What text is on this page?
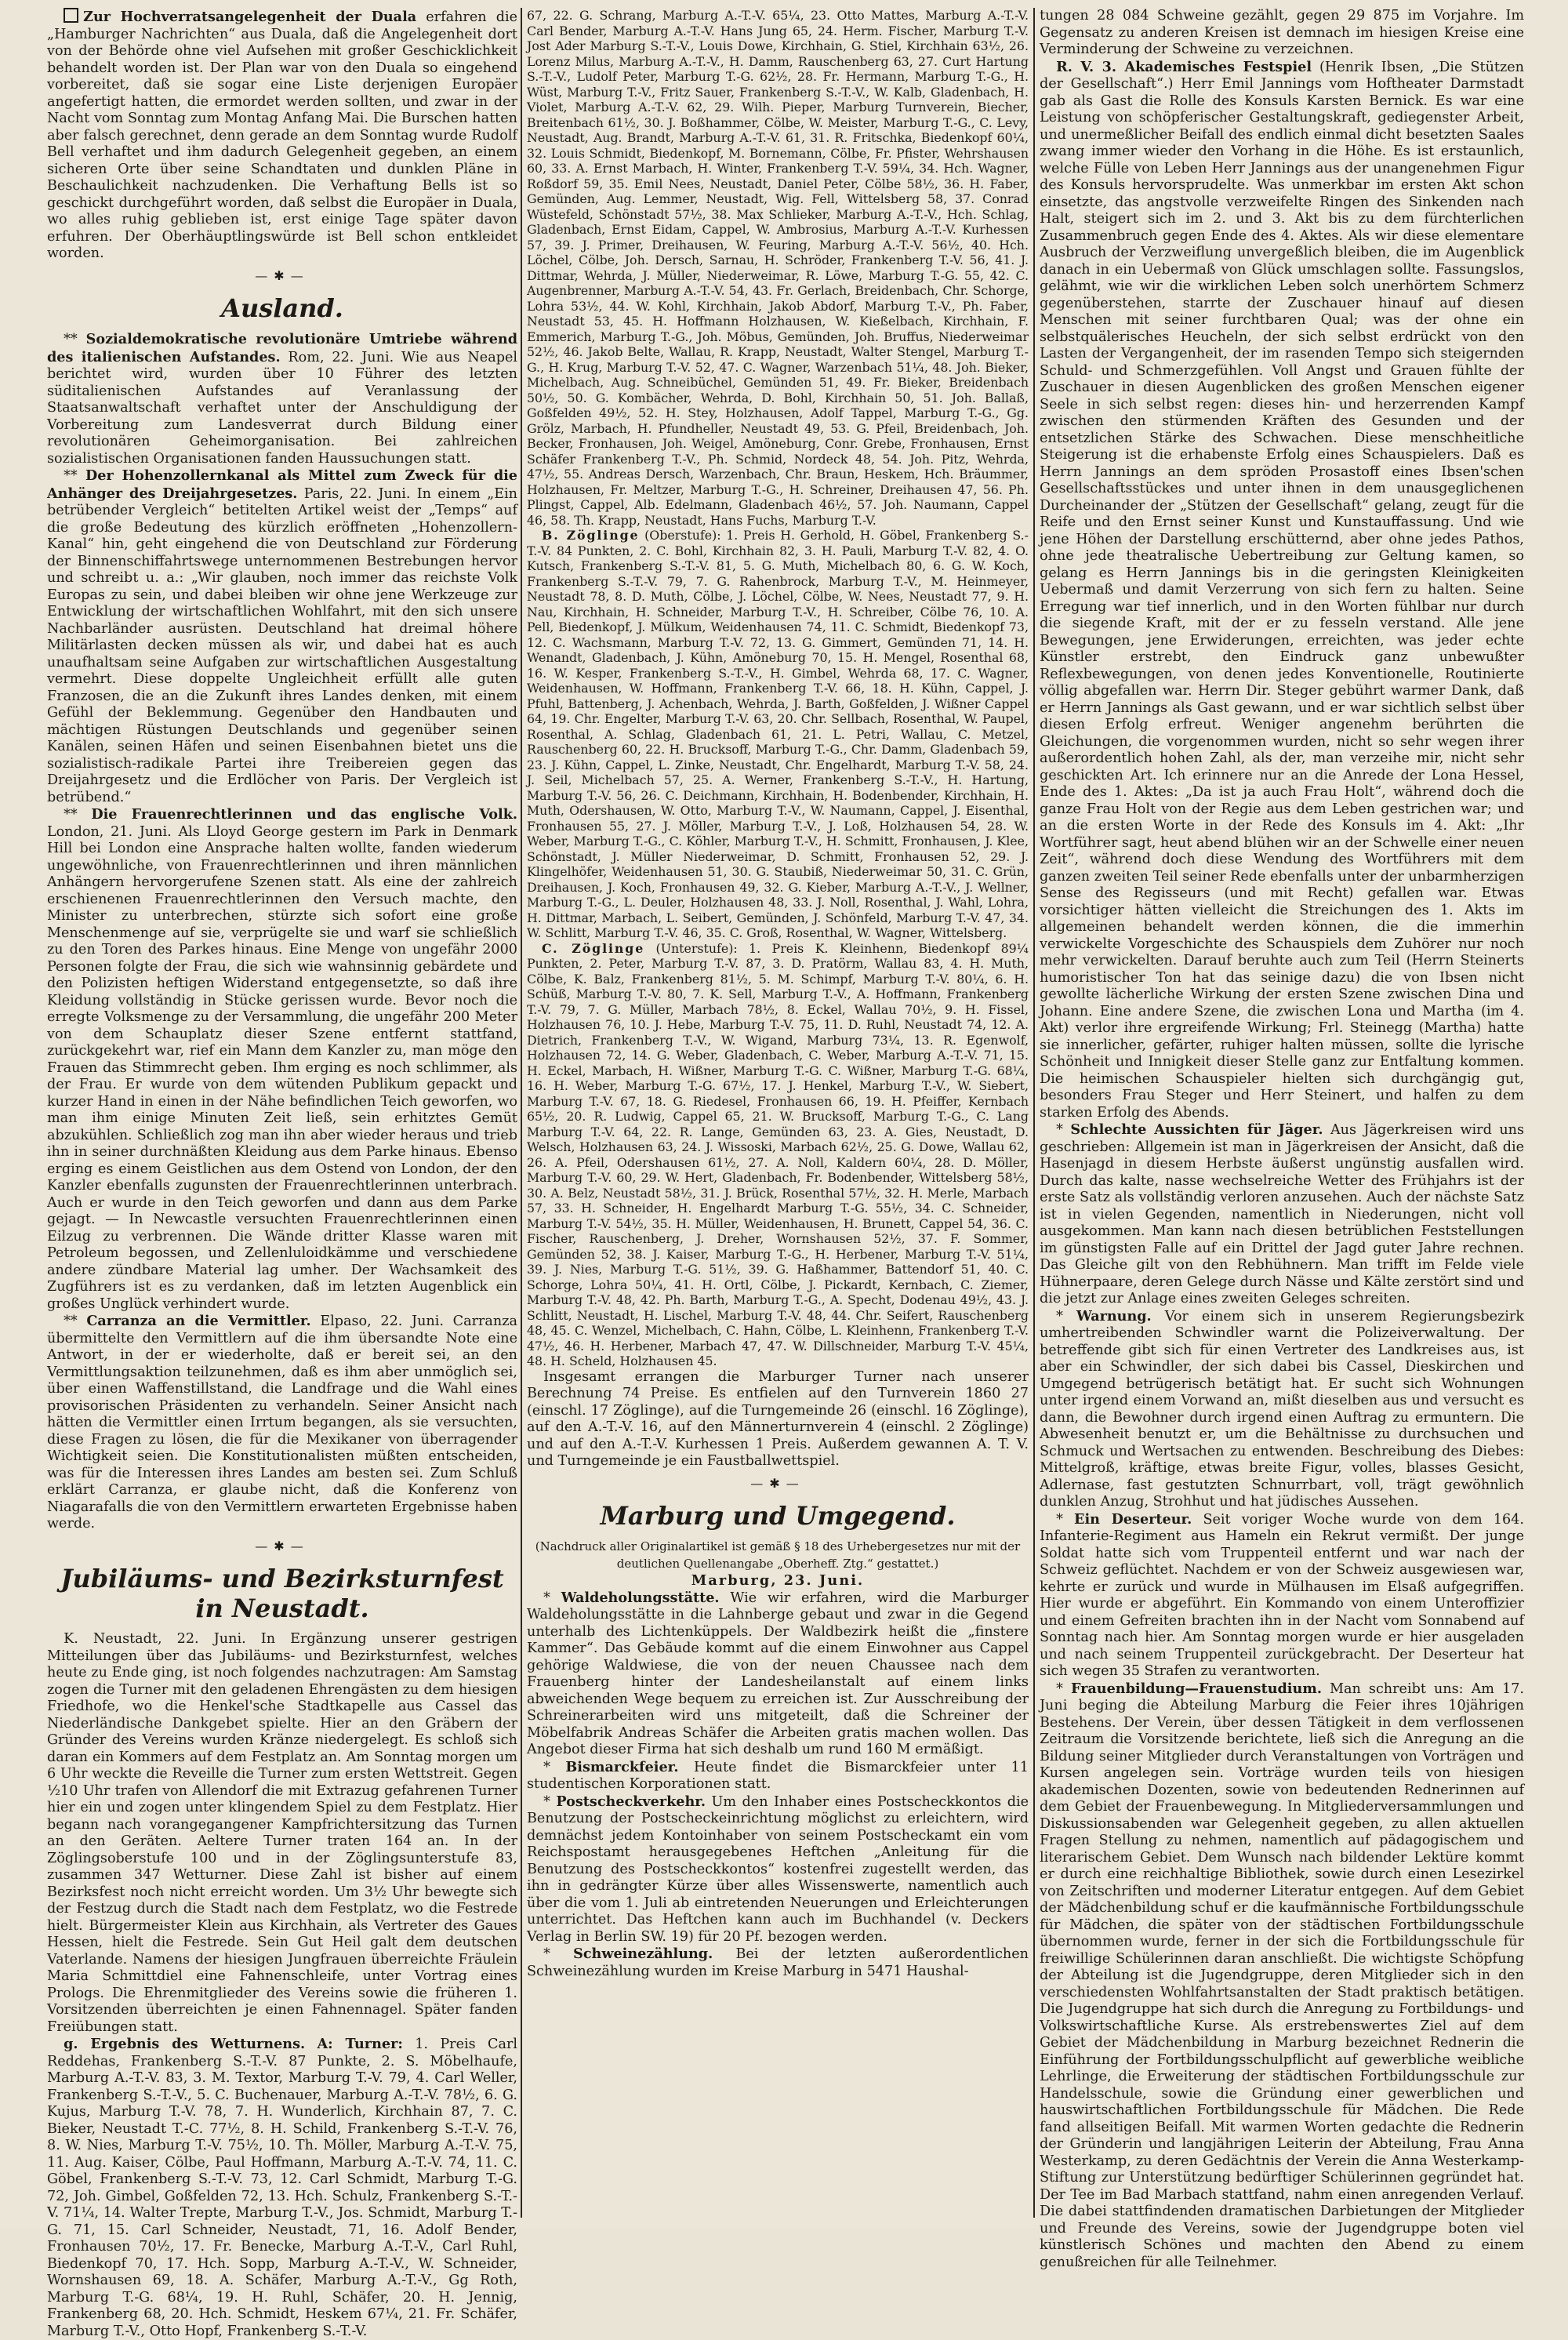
Zur Hochverratsangelegenheit der Duala erfahren die „Hamburger Nachrichten“ aus Duala, daß die Angelegenheit dort von der Behörde ohne viel Aufsehen mit großer Geschicklichkeit behandelt worden ist. Der Plan war von den Duala so eingehend vorbereitet, daß sie sogar eine Liste derjenigen Europäer angefertigt hatten, die ermordet werden sollten, und zwar in der Nacht vom Sonntag zum Montag Anfang Mai. Die Burschen hatten aber falsch gerechnet, denn gerade an dem Sonntag wurde Rudolf Bell verhaftet und ihm dadurch Gelegenheit gegeben, an einem sicheren Orte über seine Schandtaten und dunklen Pläne in Beschaulichkeit nachzudenken. Die Verhaftung Bells ist so geschickt durchgeführt worden, daß selbst die Europäer in Duala, wo alles ruhig geblieben ist, erst einige Tage später davon erfuhren. Der Oberhäuptlingswürde ist Bell schon entkleidet worden.

—✱—
Ausland.

** Sozialdemokratische revolutionäre Umtriebe während des italienischen Aufstandes. Rom, 22. Juni. Wie aus Neapel berichtet wird, wurden über 10 Führer des letzten süditalienischen Aufstandes auf Veranlassung der Staatsanwaltschaft verhaftet unter der Anschuldigung der Vorbereitung zum Landesverrat durch Bildung einer revolutionären Geheimorganisation. Bei zahlreichen sozialistischen Organisationen fanden Haussuchungen statt.

** Der Hohenzollernkanal als Mittel zum Zweck für die Anhänger des Dreijahrgesetzes. Paris, 22. Juni. In einem „Ein betrübender Vergleich“ betitelten Artikel weist der „Temps“ auf die große Bedeutung des kürzlich eröffneten „Hohenzollern-Kanal“ hin, geht eingehend die von Deutschland zur Förderung der Binnenschiffahrtswege unternommenen Bestrebungen hervor und schreibt u. a.: „Wir glauben, noch immer das reichste Volk Europas zu sein, und dabei bleiben wir ohne jene Werkzeuge zur Entwicklung der wirtschaftlichen Wohlfahrt, mit den sich unsere Nachbarländer ausrüsten. Deutschland hat dreimal höhere Militärlasten decken müssen als wir, und dabei hat es auch unaufhaltsam seine Aufgaben zur wirtschaftlichen Ausgestaltung vermehrt. Diese doppelte Ungleichheit erfüllt alle guten Franzosen, die an die Zukunft ihres Landes denken, mit einem Gefühl der Beklemmung. Gegenüber den Handbauten und mächtigen Rüstungen Deutschlands und gegenüber seinen Kanälen, seinen Häfen und seinen Eisenbahnen bietet uns die sozialistisch-radikale Partei ihre Treibereien gegen das Dreijahrgesetz und die Erdlöcher von Paris. Der Vergleich ist betrübend.“

** Die Frauenrechtlerinnen und das englische Volk. London, 21. Juni. Als Lloyd George gestern im Park in Denmark Hill bei London eine Ansprache halten wollte, fanden wiederum ungewöhnliche, von Frauenrechtlerinnen und ihren männlichen Anhängern hervorgerufene Szenen statt. Als eine der zahlreich erschienenen Frauenrechtlerinnen den Versuch machte, den Minister zu unterbrechen, stürzte sich sofort eine große Menschenmenge auf sie, verprügelte sie und warf sie schließlich zu den Toren des Parkes hinaus. Eine Menge von ungefähr 2000 Personen folgte der Frau, die sich wie wahnsinnig gebärdete und den Polizisten heftigen Widerstand entgegensetzte, so daß ihre Kleidung vollständig in Stücke gerissen wurde. Bevor noch die erregte Volksmenge zu der Versammlung, die ungefähr 200 Meter von dem Schauplatz dieser Szene entfernt stattfand, zurückgekehrt war, rief ein Mann dem Kanzler zu, man möge den Frauen das Stimmrecht geben. Ihm erging es noch schlimmer, als der Frau. Er wurde von dem wütenden Publikum gepackt und kurzer Hand in einen in der Nähe befindlichen Teich geworfen, wo man ihm einige Minuten Zeit ließ, sein erhitztes Gemüt abzukühlen. Schließlich zog man ihn aber wieder heraus und trieb ihn in seiner durchnäßten Kleidung aus dem Parke hinaus. Ebenso erging es einem Geistlichen aus dem Ostend von London, der den Kanzler ebenfalls zugunsten der Frauenrechtlerinnen unterbrach. Auch er wurde in den Teich geworfen und dann aus dem Parke gejagt. — In Newcastle versuchten Frauenrechtlerinnen einen Eilzug zu verbrennen. Die Wände dritter Klasse waren mit Petroleum begossen, und Zellenluloidkämme und verschiedene andere zündbare Material lag umher. Der Wachsamkeit des Zugführers ist es zu verdanken, daß im letzten Augenblick ein großes Unglück verhindert wurde.

** Carranza an die Vermittler. Elpaso, 22. Juni. Carranza übermittelte den Vermittlern auf die ihm übersandte Note eine Antwort, in der er wiederholte, daß er bereit sei, an den Vermittlungsaktion teilzunehmen, daß es ihm aber unmöglich sei, über einen Waffenstillstand, die Landfrage und die Wahl eines provisorischen Präsidenten zu verhandeln. Seiner Ansicht nach hätten die Vermittler einen Irrtum begangen, als sie versuchten, diese Fragen zu lösen, die für die Mexikaner von überragender Wichtigkeit seien. Die Konstitutionalisten müßten entscheiden, was für die Interessen ihres Landes am besten sei. Zum Schluß erklärt Carranza, er glaube nicht, daß die Konferenz von Niagarafalls die von den Vermittlern erwarteten Ergebnisse haben werde.

—✱—
Jubiläums- und Bezirksturnfest in Neustadt.

K. Neustadt, 22. Juni. In Ergänzung unserer gestrigen Mitteilungen über das Jubiläums- und Bezirksturnfest, welches heute zu Ende ging, ist noch folgendes nachzutragen: Am Samstag zogen die Turner mit den geladenen Ehrengästen zu dem hiesigen Friedhofe, wo die Henkel'sche Stadtkapelle aus Cassel das Niederländische Dankgebet spielte. Hier an den Gräbern der Gründer des Vereins wurden Kränze niedergelegt. Es schloß sich daran ein Kommers auf dem Festplatz an. Am Sonntag morgen um 6 Uhr weckte die Reveille die Turner zum ersten Wettstreit. Gegen ½10 Uhr trafen von Allendorf die mit Extrazug gefahrenen Turner hier ein und zogen unter klingendem Spiel zu dem Festplatz. Hier begann nach vorangegangener Kampfrichtersitzung das Turnen an den Geräten. Aeltere Turner traten 164 an. In der Zöglingsoberstufe 100 und in der Zöglingsunterstufe 83, zusammen 347 Wetturner. Diese Zahl ist bisher auf einem Bezirksfest noch nicht erreicht worden. Um 3½ Uhr bewegte sich der Festzug durch die Stadt nach dem Festplatz, wo die Festrede hielt. Bürgermeister Klein aus Kirchhain, als Vertreter des Gaues Hessen, hielt die Festrede. Sein Gut Heil galt dem deutschen Vaterlande. Namens der hiesigen Jungfrauen überreichte Fräulein Maria Schmittdiel eine Fahnenschleife, unter Vortrag eines Prologs. Die Ehrenmitglieder des Vereins sowie die früheren 1. Vorsitzenden überreichten je einen Fahnennagel. Später fanden Freiübungen statt.

g. Ergebnis des Wetturnens. A: Turner: 1. Preis Carl Reddehas, Frankenberg S.-T.-V. 87 Punkte, 2. S. Möbelhaufe, Marburg A.-T.-V. 83, 3. M. Textor, Marburg T.-V. 79, 4. Carl Weller, Frankenberg S.-T.-V., 5. C. Buchenauer, Marburg A.-T.-V. 78½, 6. G. Kujus, Marburg T.-V. 78, 7. H. Wunderlich, Kirchhain 87, 7. C. Bieker, Neustadt T.-C. 77½, 8. H. Schild, Frankenberg S.-T.-V. 76, 8. W. Nies, Marburg T.-V. 75½, 10. Th. Möller, Marburg A.-T.-V. 75, 11. Aug. Kaiser, Cölbe, Paul Hoffmann, Marburg A.-T.-V. 74, 11. C. Göbel, Frankenberg S.-T.-V. 73, 12. Carl Schmidt, Marburg T.-G. 72, Joh. Gimbel, Goßfelden 72, 13. Hch. Schulz, Frankenberg S.-T.-V. 71¼, 14. Walter Trepte, Marburg T.-V., Jos. Schmidt, Marburg T.-G. 71, 15. Carl Schneider, Neustadt, 71, 16. Adolf Bender, Fronhausen 70½, 17. Fr. Benecke, Marburg A.-T.-V., Carl Ruhl, Biedenkopf 70, 17. Hch. Sopp, Marburg A.-T.-V., W. Schneider, Wornshausen 69, 18. A. Schäfer, Marburg A.-T.-V., Gg Roth, Marburg T.-G. 68¼, 19. H. Ruhl, Schäfer, 20. H. Jennig, Frankenberg 68, 20. Hch. Schmidt, Heskem 67¼, 21. Fr. Schäfer, Marburg T.-V., Otto Hopf, Frankenberg S.-T.-V.

67, 22. G. Schrang, Marburg A.-T.-V. 65¼, 23. Otto Mattes, Marburg A.-T.-V. Carl Bender, Marburg A.-T.-V. Hans Jung 65, 24. Herm. Fischer, Marburg T.-V. Jost Ader Marburg S.-T.-V., Louis Dowe, Kirchhain, G. Stiel, Kirchhain 63½, 26. Lorenz Milus, Marburg A.-T.-V., H. Damm, Rauschenberg 63, 27. Curt Hartung S.-T.-V., Ludolf Peter, Marburg T.-G. 62½, 28. Fr. Hermann, Marburg T.-G., H. Wüst, Marburg T.-V., Fritz Sauer, Frankenberg S.-T.-V., W. Kalb, Gladenbach, H. Violet, Marburg A.-T.-V. 62, 29. Wilh. Pieper, Marburg Turnverein, Biecher, Breitenbach 61½, 30. J. Boßhammer, Cölbe, W. Meister, Marburg T.-G., C. Levy, Neustadt, Aug. Brandt, Marburg A.-T.-V. 61, 31. R. Fritschka, Biedenkopf 60¼, 32. Louis Schmidt, Biedenkopf, M. Bornemann, Cölbe, Fr. Pfister, Wehrshausen 60, 33. A. Ernst Marbach, H. Winter, Frankenberg T.-V. 59¼, 34. Hch. Wagner, Roßdorf 59, 35. Emil Nees, Neustadt, Daniel Peter, Cölbe 58½, 36. H. Faber, Gemünden, Aug. Lemmer, Neustadt, Wig. Fell, Wittelsberg 58, 37. Conrad Wüstefeld, Schönstadt 57½, 38. Max Schlieker, Marburg A.-T.-V., Hch. Schlag, Gladenbach, Ernst Eidam, Cappel, W. Ambrosius, Marburg A.-T.-V. Kurhessen 57, 39. J. Primer, Dreihausen, W. Feuring, Marburg A.-T.-V. 56½, 40. Hch. Löchel, Cölbe, Joh. Dersch, Sarnau, H. Schröder, Frankenberg T.-V. 56, 41. J. Dittmar, Wehrda, J. Müller, Niederweimar, R. Löwe, Marburg T.-G. 55, 42. C. Augenbrenner, Marburg A.-T.-V. 54, 43. Fr. Gerlach, Breidenbach, Chr. Schorge, Lohra 53½, 44. W. Kohl, Kirchhain, Jakob Abdorf, Marburg T.-V., Ph. Faber, Neustadt 53, 45. H. Hoffmann Holzhausen, W. Kießelbach, Kirchhain, F. Emmerich, Marburg T.-G., Joh. Möbus, Gemünden, Joh. Bruffus, Niederweimar 52½, 46. Jakob Belte, Wallau, R. Krapp, Neustadt, Walter Stengel, Marburg T.-G., H. Krug, Marburg T.-V. 52, 47. C. Wagner, Warzenbach 51¼, 48. Joh. Bieker, Michelbach, Aug. Schneibüchel, Gemünden 51, 49. Fr. Bieker, Breidenbach 50½, 50. G. Kombächer, Wehrda, D. Bohl, Kirchhain 50, 51. Joh. Ballaß, Goßfelden 49½, 52. H. Stey, Holzhausen, Adolf Tappel, Marburg T.-G., Gg. Grölz, Marbach, H. Pfundheller, Neustadt 49, 53. G. Pfeil, Breidenbach, Joh. Becker, Fronhausen, Joh. Weigel, Amöneburg, Conr. Grebe, Fronhausen, Ernst Schäfer Frankenberg T.-V., Ph. Schmid, Nordeck 48, 54. Joh. Pitz, Wehrda, 47½, 55. Andreas Dersch, Warzenbach, Chr. Braun, Heskem, Hch. Bräummer, Holzhausen, Fr. Meltzer, Marburg T.-G., H. Schreiner, Dreihausen 47, 56. Ph. Plingst, Cappel, Alb. Edelmann, Gladenbach 46½, 57. Joh. Naumann, Cappel 46, 58. Th. Krapp, Neustadt, Hans Fuchs, Marburg T.-V.

B. Zöglinge (Oberstufe): 1. Preis H. Gerhold, H. Göbel, Frankenberg S.-T.-V. 84 Punkten, 2. C. Bohl, Kirchhain 82, 3. H. Pauli, Marburg T.-V. 82, 4. O. Kutsch, Frankenberg S.-T.-V. 81, 5. G. Muth, Michelbach 80, 6. G. W. Koch, Frankenberg S.-T.-V. 79, 7. G. Rahenbrock, Marburg T.-V., M. Heinmeyer, Neustadt 78, 8. D. Muth, Cölbe, J. Löchel, Cölbe, W. Nees, Neustadt 77, 9. H. Nau, Kirchhain, H. Schneider, Marburg T.-V., H. Schreiber, Cölbe 76, 10. A. Pell, Biedenkopf, J. Mülkum, Weidenhausen 74, 11. C. Schmidt, Biedenkopf 73, 12. C. Wachsmann, Marburg T.-V. 72, 13. G. Gimmert, Gemünden 71, 14. H. Wenandt, Gladenbach, J. Kühn, Amöneburg 70, 15. H. Mengel, Rosenthal 68, 16. W. Kesper, Frankenberg S.-T.-V., H. Gimbel, Wehrda 68, 17. C. Wagner, Weidenhausen, W. Hoffmann, Frankenberg T.-V. 66, 18. H. Kühn, Cappel, J. Pfuhl, Battenberg, J. Achenbach, Wehrda, J. Barth, Goßfelden, J. Wißner Cappel 64, 19. Chr. Engelter, Marburg T.-V. 63, 20. Chr. Sellbach, Rosenthal, W. Paupel, Rosenthal, A. Schlag, Gladenbach 61, 21. L. Petri, Wallau, C. Metzel, Rauschenberg 60, 22. H. Brucksoff, Marburg T.-G., Chr. Damm, Gladenbach 59, 23. J. Kühn, Cappel, L. Zinke, Neustadt, Chr. Engelhardt, Marburg T.-V. 58, 24. J. Seil, Michelbach 57, 25. A. Werner, Frankenberg S.-T.-V., H. Hartung, Marburg T.-V. 56, 26. C. Deichmann, Kirchhain, H. Bodenbender, Kirchhain, H. Muth, Odershausen, W. Otto, Marburg T.-V., W. Naumann, Cappel, J. Eisenthal, Fronhausen 55, 27. J. Möller, Marburg T.-V., J. Loß, Holzhausen 54, 28. W. Weber, Marburg T.-G., C. Köhler, Marburg T.-V., H. Schmitt, Fronhausen, J. Klee, Schönstadt, J. Müller Niederweimar, D. Schmitt, Fronhausen 52, 29. J. Klingelhöfer, Weidenhausen 51, 30. G. Staubiß, Niederweimar 50, 31. C. Grün, Dreihausen, J. Koch, Fronhausen 49, 32. G. Kieber, Marburg A.-T.-V., J. Wellner, Marburg T.-G., L. Deuler, Holzhausen 48, 33. J. Noll, Rosenthal, J. Wahl, Lohra, H. Dittmar, Marbach, L. Seibert, Gemünden, J. Schönfeld, Marburg T.-V. 47, 34. W. Schlitt, Marburg T.-V. 46, 35. C. Groß, Rosenthal, W. Wagner, Wittelsberg.

C. Zöglinge (Unterstufe): 1. Preis K. Kleinhenn, Biedenkopf 89¼ Punkten, 2. Peter, Marburg T.-V. 87, 3. D. Pratörm, Wallau 83, 4. H. Muth, Cölbe, K. Balz, Frankenberg 81½, 5. M. Schimpf, Marburg T.-V. 80¼, 6. H. Schüß, Marburg T.-V. 80, 7. K. Sell, Marburg T.-V., A. Hoffmann, Frankenberg T.-V. 79, 7. G. Müller, Marbach 78½, 8. Eckel, Wallau 70½, 9. H. Fissel, Holzhausen 76, 10. J. Hebe, Marburg T.-V. 75, 11. D. Ruhl, Neustadt 74, 12. A. Dietrich, Frankenberg T.-V., W. Wigand, Marburg 73¼, 13. R. Egenwolf, Holzhausen 72, 14. G. Weber, Gladenbach, C. Weber, Marburg A.-T.-V. 71, 15. H. Eckel, Marbach, H. Wißner, Marburg T.-G. C. Wißner, Marburg T.-G. 68¼, 16. H. Weber, Marburg T.-G. 67½, 17. J. Henkel, Marburg T.-V., W. Siebert, Marburg T.-V. 67, 18. G. Riedesel, Fronhausen 66, 19. H. Pfeiffer, Kernbach 65½, 20. R. Ludwig, Cappel 65, 21. W. Brucksoff, Marburg T.-G., C. Lang Marburg T.-V. 64, 22. R. Lange, Gemünden 63, 23. A. Gies, Neustadt, D. Welsch, Holzhausen 63, 24. J. Wissoski, Marbach 62½, 25. G. Dowe, Wallau 62, 26. A. Pfeil, Odershausen 61½, 27. A. Noll, Kaldern 60¼, 28. D. Möller, Marburg T.-V. 60, 29. W. Hert, Gladenbach, Fr. Bodenbender, Wittelsberg 58½, 30. A. Belz, Neustadt 58½, 31. J. Brück, Rosenthal 57½, 32. H. Merle, Marbach 57, 33. H. Schneider, H. Engelhardt Marburg T.-G. 55½, 34. C. Schneider, Marburg T.-V. 54½, 35. H. Müller, Weidenhausen, H. Brunett, Cappel 54, 36. C. Fischer, Rauschenberg, J. Dreher, Wornshausen 52½, 37. F. Sommer, Gemünden 52, 38. J. Kaiser, Marburg T.-G., H. Herbener, Marburg T.-V. 51¼, 39. J. Nies, Marburg T.-G. 51½, 39. G. Haßhammer, Battendorf 51, 40. C. Schorge, Lohra 50¼, 41. H. Ortl, Cölbe, J. Pickardt, Kernbach, C. Ziemer, Marburg T.-V. 48, 42. Ph. Barth, Marburg T.-G., A. Specht, Dodenau 49½, 43. J. Schlitt, Neustadt, H. Lischel, Marburg T.-V. 48, 44. Chr. Seifert, Rauschenberg 48, 45. C. Wenzel, Michelbach, C. Hahn, Cölbe, L. Kleinhenn, Frankenberg T.-V. 47½, 46. H. Herbener, Marbach 47, 47. W. Dillschneider, Marburg T.-V. 45¼, 48. H. Scheld, Holzhausen 45.

Insgesamt errangen die Marburger Turner nach unserer Berechnung 74 Preise. Es entfielen auf den Turnverein 1860 27 (einschl. 17 Zöglinge), auf die Turngemeinde 26 (einschl. 16 Zöglinge), auf den A.-T.-V. 16, auf den Männerturnverein 4 (einschl. 2 Zöglinge) und auf den A.-T.-V. Kurhessen 1 Preis. Außerdem gewannen A. T. V. und Turngemeinde je ein Faustballwettspiel.

—✱—
Marburg und Umgegend.

(Nachdruck aller Originalartikel ist gemäß § 18 des Urhebergesetzes nur mit der deutlichen Quellenangabe „Oberheff. Ztg.“ gestattet.)

Marburg, 23. Juni.

* Waldeholungsstätte. Wie wir erfahren, wird die Marburger Waldeholungsstätte in die Lahnberge gebaut und zwar in die Gegend unterhalb des Lichtenküppels. Der Waldbezirk heißt die „finstere Kammer“. Das Gebäude kommt auf die einem Einwohner aus Cappel gehörige Waldwiese, die von der neuen Chaussee nach dem Frauenberg hinter der Landesheilanstalt auf einem links abweichenden Wege bequem zu erreichen ist. Zur Ausschreibung der Schreinerarbeiten wird uns mitgeteilt, daß die Schreiner der Möbelfabrik Andreas Schäfer die Arbeiten gratis machen wollen. Das Angebot dieser Firma hat sich deshalb um rund 160 M ermäßigt.

* Bismarckfeier. Heute findet die Bismarckfeier unter 11 studentischen Korporationen statt.

* Postscheckverkehr. Um den Inhaber eines Postscheckkontos die Benutzung der Postscheckeinrichtung möglichst zu erleichtern, wird demnächst jedem Kontoinhaber von seinem Postscheckamt ein vom Reichspostamt herausgegebenes Heftchen „Anleitung für die Benutzung des Postscheckkontos“ kostenfrei zugestellt werden, das ihn in gedrängter Kürze über alles Wissenswerte, namentlich auch über die vom 1. Juli ab eintretenden Neuerungen und Erleichterungen unterrichtet. Das Heftchen kann auch im Buchhandel (v. Deckers Verlag in Berlin SW. 19) für 20 Pf. bezogen werden.

* Schweinezählung. Bei der letzten außerordentlichen Schweinezählung wurden im Kreise Marburg in 5471 Haushal-

tungen 28 084 Schweine gezählt, gegen 29 875 im Vorjahre. Im Gegensatz zu anderen Kreisen ist demnach im hiesigen Kreise eine Verminderung der Schweine zu verzeichnen.

R. V. 3. Akademisches Festspiel (Henrik Ibsen, „Die Stützen der Gesellschaft“.) Herr Emil Jannings vom Hoftheater Darmstadt gab als Gast die Rolle des Konsuls Karsten Bernick. Es war eine Leistung von schöpferischer Gestaltungskraft, gediegenster Arbeit, und unermeßlicher Beifall des endlich einmal dicht besetzten Saales zwang immer wieder den Vorhang in die Höhe. Es ist erstaunlich, welche Fülle von Leben Herr Jannings aus der unangenehmen Figur des Konsuls hervorsprudelte. Was unmerkbar im ersten Akt schon einsetzte, das angstvolle verzweifelte Ringen des Sinkenden nach Halt, steigert sich im 2. und 3. Akt bis zu dem fürchterlichen Zusammenbruch gegen Ende des 4. Aktes. Als wir diese elementare Ausbruch der Verzweiflung unvergeßlich bleiben, die im Augenblick danach in ein Uebermaß von Glück umschlagen sollte. Fassungslos, gelähmt, wie wir die wirklichen Leben solch unerhörtem Schmerz gegenüberstehen, starrte der Zuschauer hinauf auf diesen Menschen mit seiner furchtbaren Qual; was der ohne ein selbstquälerisches Heucheln, der sich selbst erdrückt von den Lasten der Vergangenheit, der im rasenden Tempo sich steigernden Schuld- und Schmerzgefühlen. Voll Angst und Grauen fühlte der Zuschauer in diesen Augenblicken des großen Menschen eigener Seele in sich selbst regen: dieses hin- und herzerrenden Kampf zwischen den stürmenden Kräften des Gesunden und der entsetzlichen Stärke des Schwachen. Diese menschheitliche Steigerung ist die erhabenste Erfolg eines Schauspielers. Daß es Herrn Jannings an dem spröden Prosastoff eines Ibsen'schen Gesellschaftsstückes und unter ihnen in dem unausgeglichenen Durcheinander der „Stützen der Gesellschaft“ gelang, zeugt für die Reife und den Ernst seiner Kunst und Kunstauffassung. Und wie jene Höhen der Darstellung erschütternd, aber ohne jedes Pathos, ohne jede theatralische Uebertreibung zur Geltung kamen, so gelang es Herrn Jannings bis in die geringsten Kleinigkeiten Uebermaß und damit Verzerrung von sich fern zu halten. Seine Erregung war tief innerlich, und in den Worten fühlbar nur durch die siegende Kraft, mit der er zu fesseln verstand. Alle jene Bewegungen, jene Erwiderungen, erreichten, was jeder echte Künstler erstrebt, den Eindruck ganz unbewußter Reflexbewegungen, von denen jedes Konventionelle, Routinierte völlig abgefallen war. Herrn Dir. Steger gebührt warmer Dank, daß er Herrn Jannings als Gast gewann, und er war sichtlich selbst über diesen Erfolg erfreut. Weniger angenehm berührten die Gleichungen, die vorgenommen wurden, nicht so sehr wegen ihrer außerordentlich hohen Zahl, als der, man verzeihe mir, nicht sehr geschickten Art. Ich erinnere nur an die Anrede der Lona Hessel, Ende des 1. Aktes: „Da ist ja auch Frau Holt“, während doch die ganze Frau Holt von der Regie aus dem Leben gestrichen war; und an die ersten Worte in der Rede des Konsuls im 4. Akt: „Ihr Wortführer sagt, heut abend blühen wir an der Schwelle einer neuen Zeit“, während doch diese Wendung des Wortführers mit dem ganzen zweiten Teil seiner Rede ebenfalls unter der unbarmherzigen Sense des Regisseurs (und mit Recht) gefallen war. Etwas vorsichtiger hätten vielleicht die Streichungen des 1. Akts im allgemeinen behandelt werden können, die die immerhin verwickelte Vorgeschichte des Schauspiels dem Zuhörer nur noch mehr verwickelten. Darauf beruhte auch zum Teil (Herrn Steinerts humoristischer Ton hat das seinige dazu) die von Ibsen nicht gewollte lächerliche Wirkung der ersten Szene zwischen Dina und Johann. Eine andere Szene, die zwischen Lona und Martha (im 4. Akt) verlor ihre ergreifende Wirkung; Frl. Steinegg (Martha) hatte sie innerlicher, gefärter, ruhiger halten müssen, sollte die lyrische Schönheit und Innigkeit dieser Stelle ganz zur Entfaltung kommen. Die heimischen Schauspieler hielten sich durchgängig gut, besonders Frau Steger und Herr Steinert, und halfen zu dem starken Erfolg des Abends.

* Schlechte Aussichten für Jäger. Aus Jägerkreisen wird uns geschrieben: Allgemein ist man in Jägerkreisen der Ansicht, daß die Hasenjagd in diesem Herbste äußerst ungünstig ausfallen wird. Durch das kalte, nasse wechselreiche Wetter des Frühjahrs ist der erste Satz als vollständig verloren anzusehen. Auch der nächste Satz ist in vielen Gegenden, namentlich in Niederungen, nicht voll ausgekommen. Man kann nach diesen betrüblichen Feststellungen im günstigsten Falle auf ein Drittel der Jagd guter Jahre rechnen. Das Gleiche gilt von den Rebhühnern. Man trifft im Felde viele Hühnerpaare, deren Gelege durch Nässe und Kälte zerstört sind und die jetzt zur Anlage eines zweiten Geleges schreiten.

* Warnung. Vor einem sich in unserem Regierungsbezirk umhertreibenden Schwindler warnt die Polizeiverwaltung. Der betreffende gibt sich für einen Vertreter des Landkreises aus, ist aber ein Schwindler, der sich dabei bis Cassel, Dieskirchen und Umgegend betrügerisch betätigt hat. Er sucht sich Wohnungen unter irgend einem Vorwand an, mißt dieselben aus und versucht es dann, die Bewohner durch irgend einen Auftrag zu ermuntern. Die Abwesenheit benutzt er, um die Behältnisse zu durchsuchen und Schmuck und Wertsachen zu entwenden. Beschreibung des Diebes: Mittelgroß, kräftige, etwas breite Figur, volles, blasses Gesicht, Adlernase, fast gestutzten Schnurrbart, voll, trägt gewöhnlich dunklen Anzug, Strohhut und hat jüdisches Aussehen.

* Ein Deserteur. Seit voriger Woche wurde von dem 164. Infanterie-Regiment aus Hameln ein Rekrut vermißt. Der junge Soldat hatte sich vom Truppenteil entfernt und war nach der Schweiz geflüchtet. Nachdem er von der Schweiz ausgewiesen war, kehrte er zurück und wurde in Mülhausen im Elsaß aufgegriffen. Hier wurde er abgeführt. Ein Kommando von einem Unteroffizier und einem Gefreiten brachten ihn in der Nacht vom Sonnabend auf Sonntag nach hier. Am Sonntag morgen wurde er hier ausgeladen und nach seinem Truppenteil zurückgebracht. Der Deserteur hat sich wegen 35 Strafen zu verantworten.

* Frauenbildung—Frauenstudium. Man schreibt uns: Am 17. Juni beging die Abteilung Marburg die Feier ihres 10jährigen Bestehens. Der Verein, über dessen Tätigkeit in dem verflossenen Zeitraum die Vorsitzende berichtete, ließ sich die Anregung an die Bildung seiner Mitglieder durch Veranstaltungen von Vorträgen und Kursen angelegen sein. Vorträge wurden teils von hiesigen akademischen Dozenten, sowie von bedeutenden Rednerinnen auf dem Gebiet der Frauenbewegung. In Mitgliederversammlungen und Diskussionsabenden war Gelegenheit gegeben, zu allen aktuellen Fragen Stellung zu nehmen, namentlich auf pädagogischem und literarischem Gebiet. Dem Wunsch nach bildender Lektüre kommt er durch eine reichhaltige Bibliothek, sowie durch einen Lesezirkel von Zeitschriften und moderner Literatur entgegen. Auf dem Gebiet der Mädchenbildung schuf er die kaufmännische Fortbildungsschule für Mädchen, die später von der städtischen Fortbildungsschule übernommen wurde, ferner in der sich die Fortbildungsschule für freiwillige Schülerinnen daran anschließt. Die wichtigste Schöpfung der Abteilung ist die Jugendgruppe, deren Mitglieder sich in den verschiedensten Wohlfahrtsanstalten der Stadt praktisch betätigen. Die Jugendgruppe hat sich durch die Anregung zu Fortbildungs- und Volkswirtschaftliche Kurse. Als erstrebenswertes Ziel auf dem Gebiet der Mädchenbildung in Marburg bezeichnet Rednerin die Einführung der Fortbildungsschulpflicht auf gewerbliche weibliche Lehrlinge, die Erweiterung der städtischen Fortbildungsschule zur Handelsschule, sowie die Gründung einer gewerblichen und hauswirtschaftlichen Fortbildungsschule für Mädchen. Die Rede fand allseitigen Beifall. Mit warmen Worten gedachte die Rednerin der Gründerin und langjährigen Leiterin der Abteilung, Frau Anna Westerkamp, zu deren Gedächtnis der Verein die Anna Westerkamp-Stiftung zur Unterstützung bedürftiger Schülerinnen gegründet hat. Der Tee im Bad Marbach stattfand, nahm einen anregenden Verlauf. Die dabei stattfindenden dramatischen Darbietungen der Mitglieder und Freunde des Vereins, sowie der Jugendgruppe boten viel künstlerisch Schönes und machten den Abend zu einem genußreichen für alle Teilnehmer.
